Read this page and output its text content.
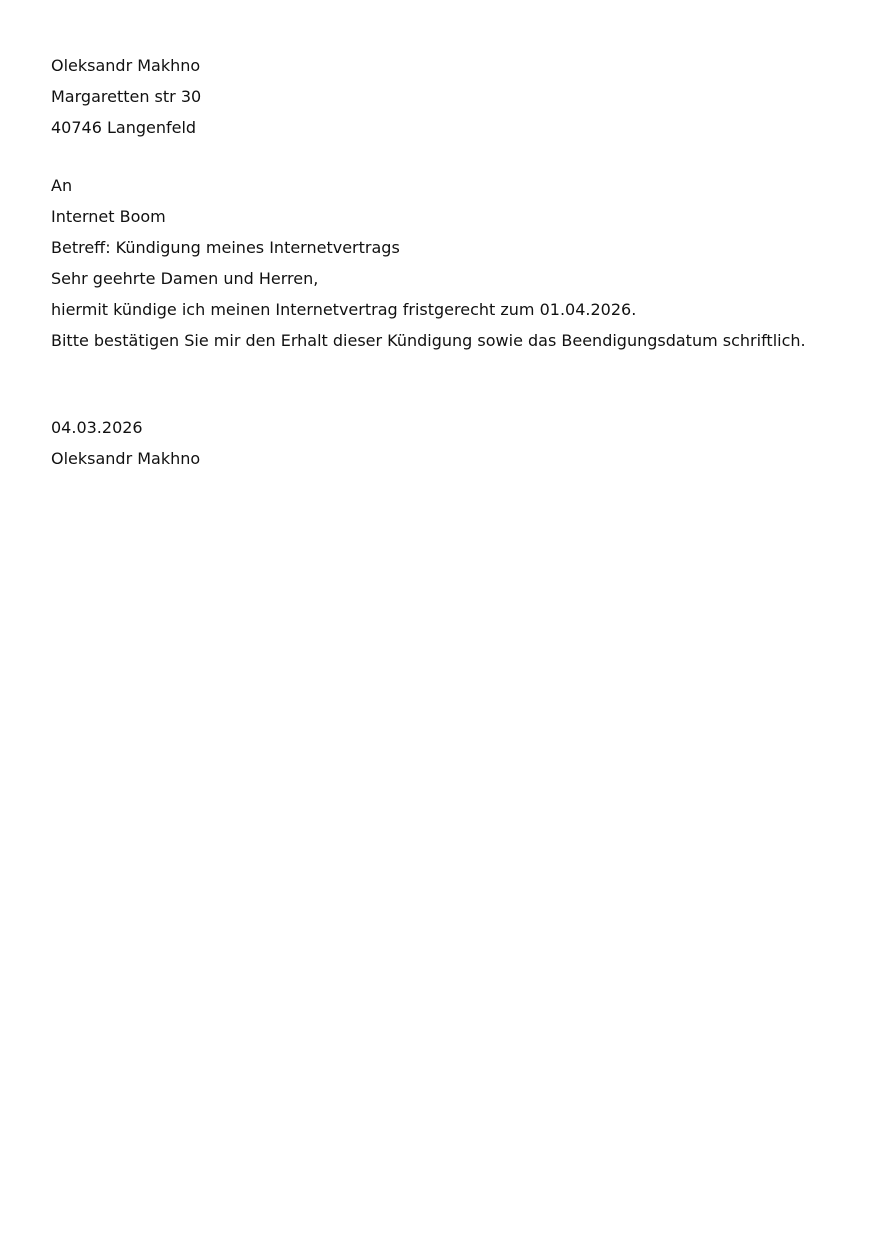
Oleksandr Makhno

Margaretten str 30

40746 Langenfeld

An

Internet Boom

Betreff: Kündigung meines Internetvertrags

Sehr geehrte Damen und Herren,

hiermit kündige ich meinen Internetvertrag fristgerecht zum 01.04.2026.

Bitte bestätigen Sie mir den Erhalt dieser Kündigung sowie das Beendigungsdatum schriftlich.

04.03.2026

Oleksandr Makhno
